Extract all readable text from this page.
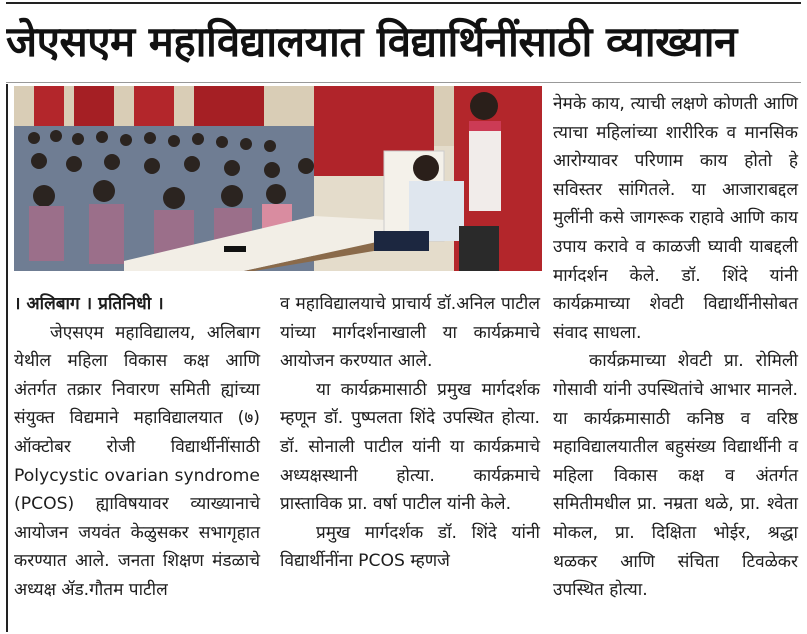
जेएसएम महाविद्यालयात विद्यार्थिनींसाठी व्याख्यान

। अलिबाग । प्रतिनिधी ।

जेएसएम महाविद्यालय, अलिबाग येथील महिला विकास कक्ष आणि अंतर्गत तक्रार निवारण समिती ह्यांच्या संयुक्त विद्यमाने महाविद्यालयात (७) ऑक्टोबर रोजी विद्यार्थीनींसाठी Polycystic ovarian syndrome (PCOS) ह्याविषयावर व्याख्यानाचे आयोजन जयवंत केळुसकर सभागृहात करण्यात आले. जनता शिक्षण मंडळाचे अध्यक्ष ॲड.गौतम पाटील

व महाविद्यालयाचे प्राचार्य डॉ.अनिल पाटील यांच्या मार्गदर्शनाखाली या कार्यक्रमाचे आयोजन करण्यात आले.

या कार्यक्रमासाठी प्रमुख मार्गदर्शक म्हणून डॉ. पुष्पलता शिंदे उपस्थित होत्या. डॉ. सोनाली पाटील यांनी या कार्यक्रमाचे अध्यक्षस्थानी होत्या. कार्यक्रमाचे प्रास्ताविक प्रा. वर्षा पाटील यांनी केले.

प्रमुख मार्गदर्शक डॉ. शिंदे यांनी विद्यार्थीनींना PCOS म्हणजे

नेमके काय, त्याची लक्षणे कोणती आणि त्याचा महिलांच्या शारीरिक व मानसिक आरोग्यावर परिणाम काय होतो हे सविस्तर सांगितले. या आजाराबद्दल मुलींनी कसे जागरूक राहावे आणि काय उपाय करावे व काळजी घ्यावी याबद्दली मार्गदर्शन केले. डॉ. शिंदे यांनी कार्यक्रमाच्या शेवटी विद्यार्थीनीसोबत संवाद साधला.

कार्यक्रमाच्या शेवटी प्रा. रोमिली गोसावी यांनी उपस्थितांचे आभार मानले. या कार्यक्रमासाठी कनिष्ठ व वरिष्ठ महाविद्यालयातील बहुसंख्य विद्यार्थीनी व महिला विकास कक्ष व अंतर्गत समितीमधील प्रा. नम्रता थळे, प्रा. श्वेता मोकल, प्रा. दिक्षिता भोईर, श्रद्धा थळकर आणि संचिता टिवळेकर उपस्थित होत्या.
